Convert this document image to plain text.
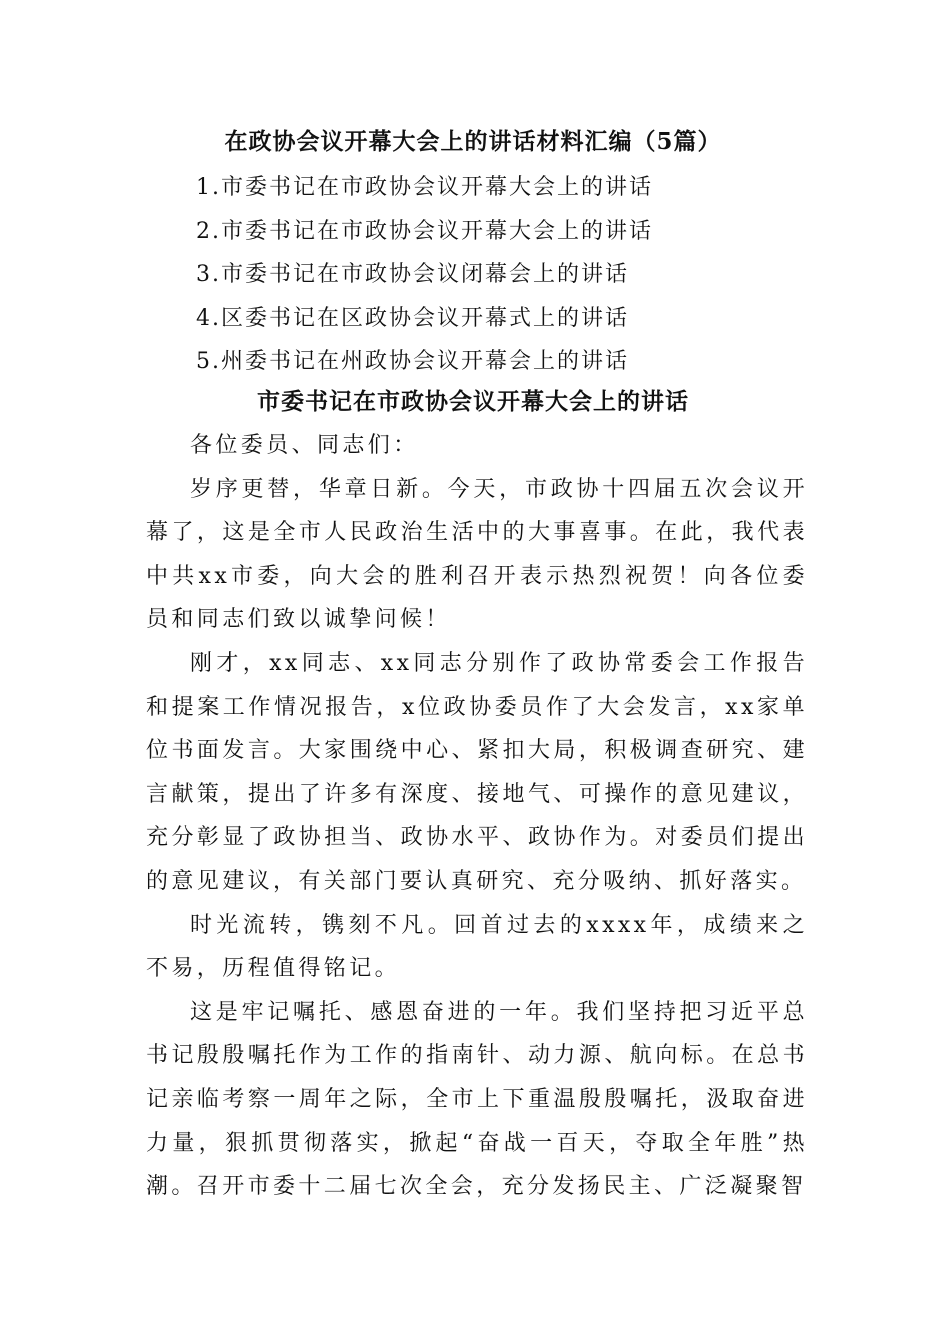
在政协会议开幕大会上的讲话材料汇编（5篇）
1.市委书记在市政协会议开幕大会上的讲话
2.市委书记在市政协会议开幕大会上的讲话
3.市委书记在市政协会议闭幕会上的讲话
4.区委书记在区政协会议开幕式上的讲话
5.州委书记在州政协会议开幕会上的讲话
市委书记在市政协会议开幕大会上的讲话

各位委员、同志们：

岁序更替，华章日新。今天，市政协十四届五次会议开幕了，这是全市人民政治生活中的大事喜事。在此，我代表中共xx市委，向大会的胜利召开表示热烈祝贺！向各位委员和同志们致以诚挚问候！

刚才，xx同志、xx同志分别作了政协常委会工作报告和提案工作情况报告，x位政协委员作了大会发言，xx家单位书面发言。大家围绕中心、紧扣大局，积极调查研究、建言献策，提出了许多有深度、接地气、可操作的意见建议，充分彰显了政协担当、政协水平、政协作为。对委员们提出的意见建议，有关部门要认真研究、充分吸纳、抓好落实。

时光流转，镌刻不凡。回首过去的xxxx年，成绩来之不易，历程值得铭记。

这是牢记嘱托、感恩奋进的一年。我们坚持把习近平总书记殷殷嘱托作为工作的指南针、动力源、航向标。在总书记亲临考察一周年之际，全市上下重温殷殷嘱托，汲取奋进力量，狠抓贯彻落实，掀起“奋战一百天，夺取全年胜”热潮。召开市委十二届七次全会，充分发扬民主、广泛凝聚智
